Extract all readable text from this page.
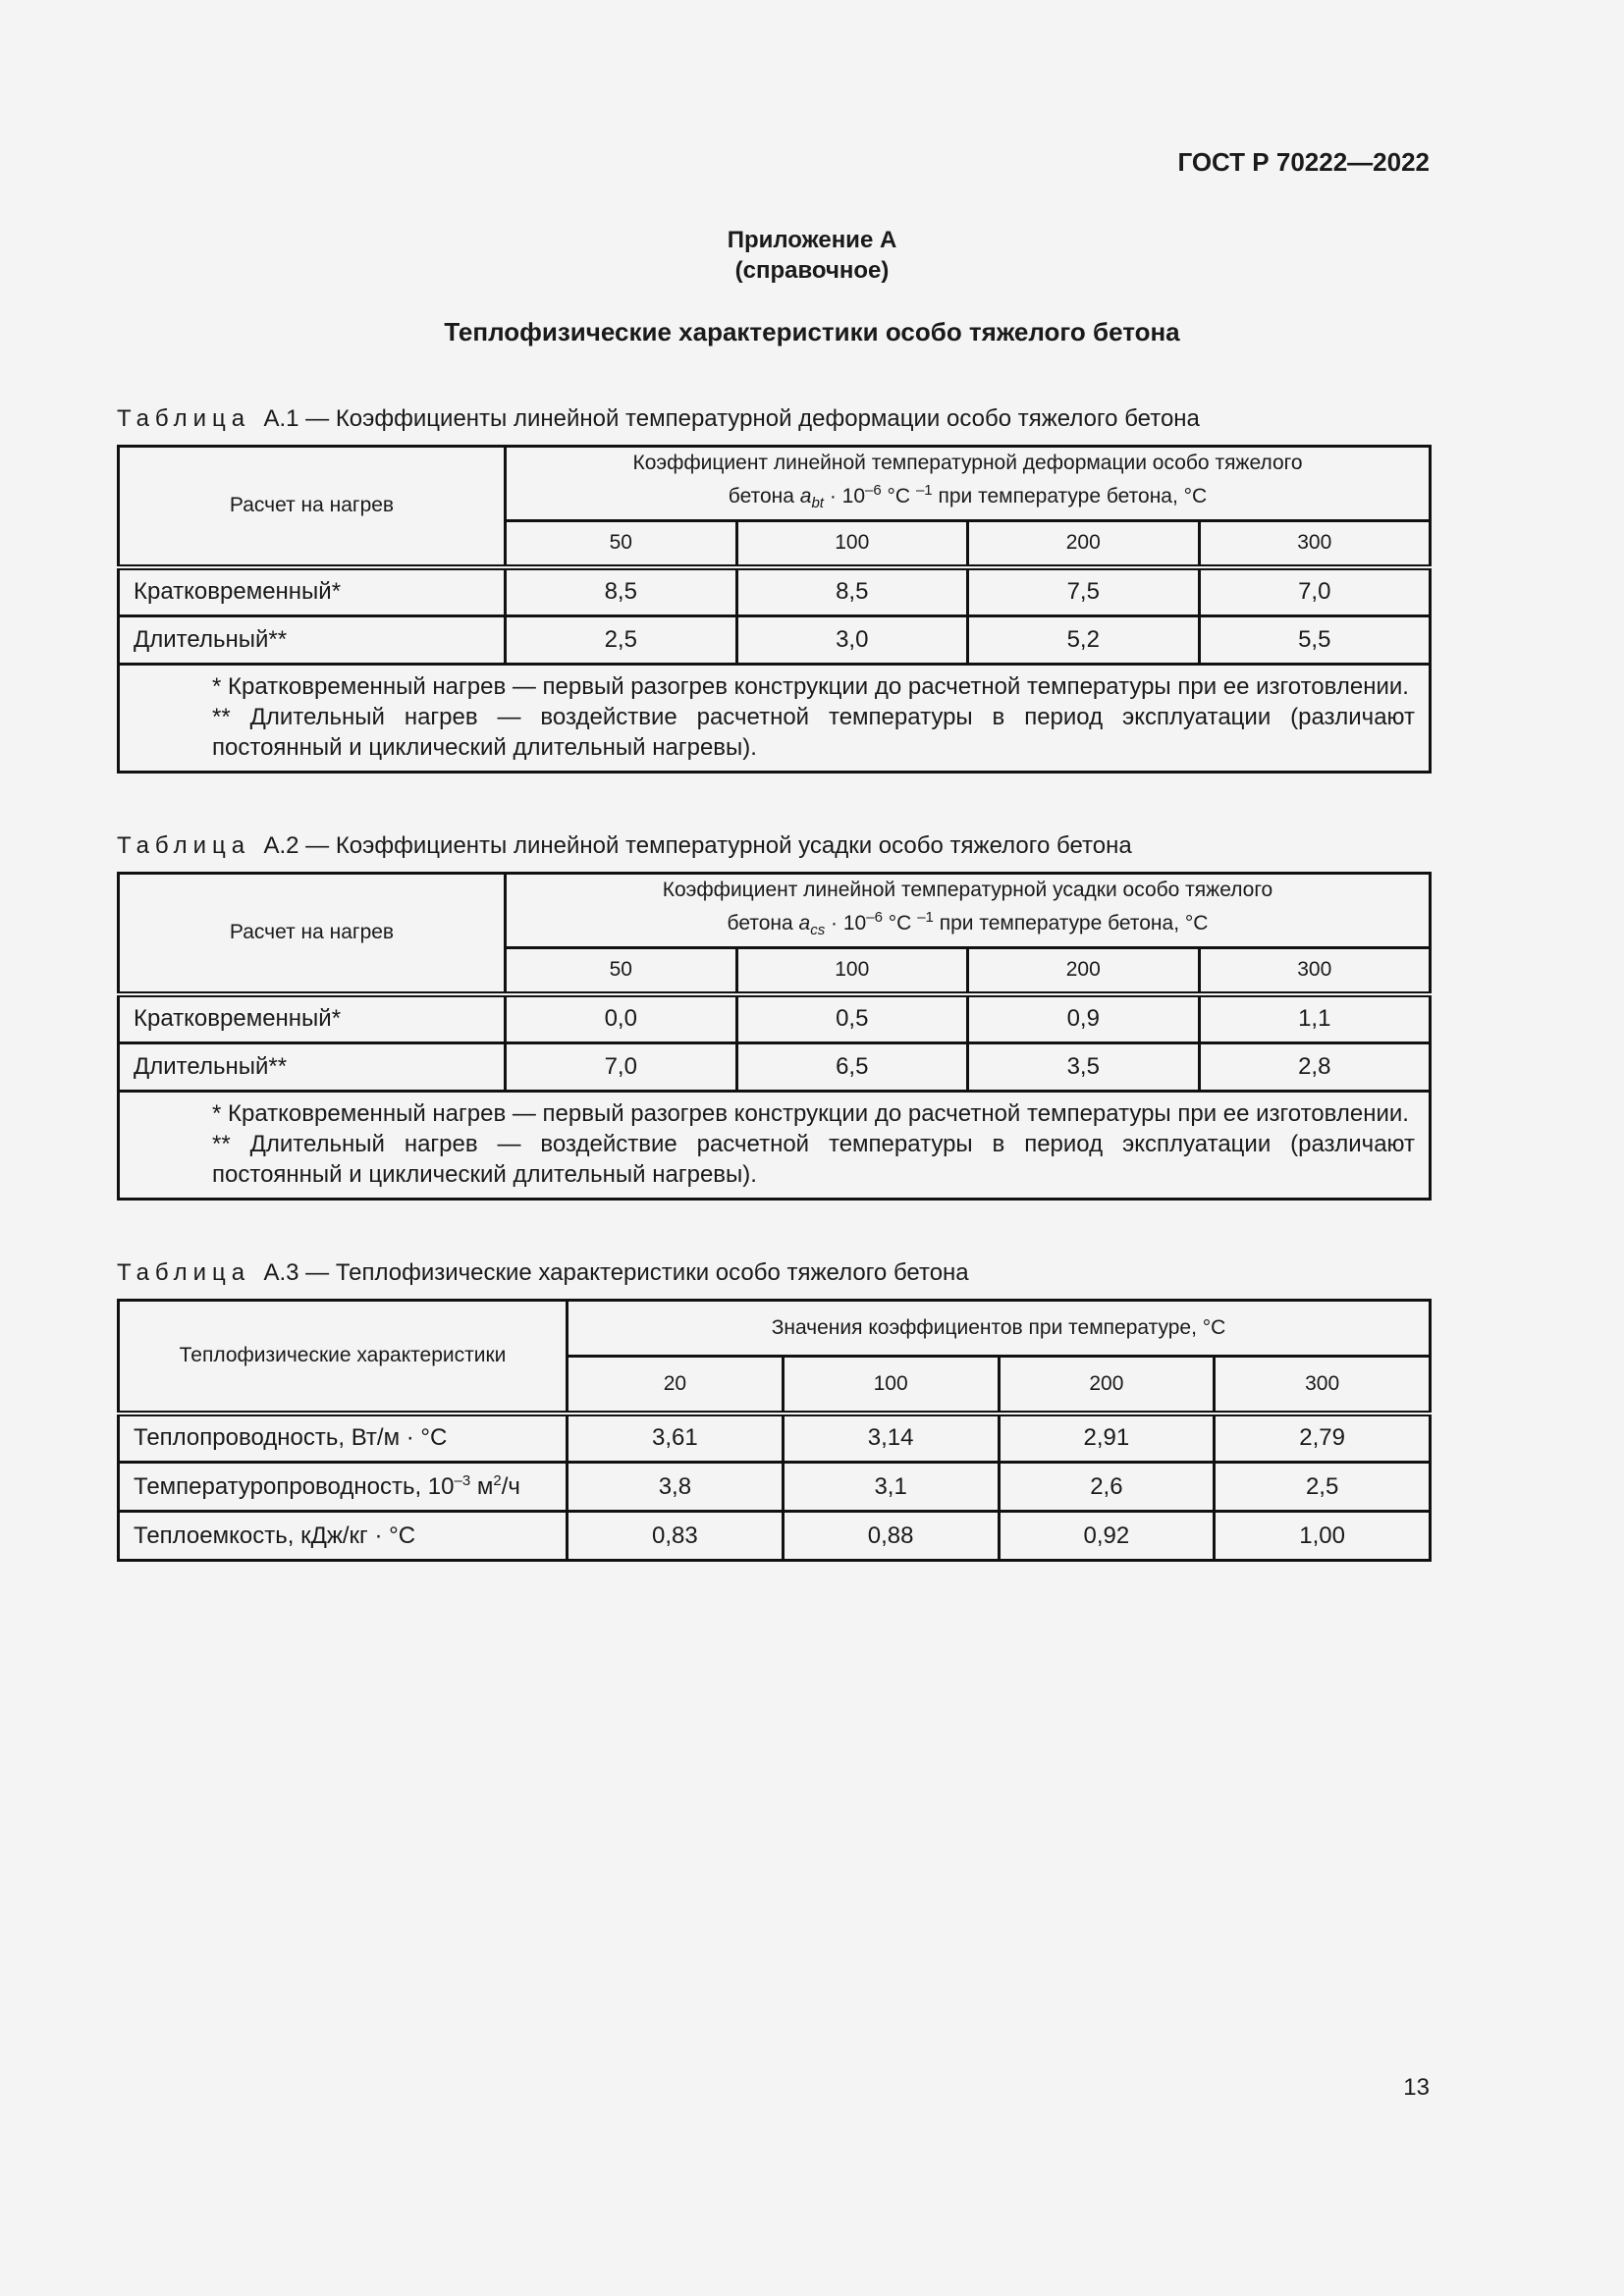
ГОСТ Р 70222—2022
Приложение А
(справочное)
Теплофизические характеристики особо тяжелого бетона
Таблица А.1 — Коэффициенты линейной температурной деформации особо тяжелого бетона
Расчет на нагрев	Коэффициент линейной температурной деформации особо тяжелого
бетона $a_{bt} \cdot 10^{-6}$ °C $^{-1}$ при температуре бетона, °С			
	50	100	200	300
Кратковременный*	8,5	8,5	7,5	7,0
Длительный**	2,5	3,0	5,2	5,5

* Кратковременный нагрев — первый разогрев конструкции до расчетной температуры при ее изготовлении.
** Длительный нагрев — воздействие расчетной температуры в период эксплуатации (различают постоянный и циклический длительный нагревы).				
Таблица А.2 — Коэффициенты линейной температурной усадки особо тяжелого бетона
Расчет на нагрев	Коэффициент линейной температурной усадки особо тяжелого
бетона $a_{cs} \cdot 10^{-6}$ °C $^{-1}$ при температуре бетона, °С			
	50	100	200	300
Кратковременный*	0,0	0,5	0,9	1,1
Длительный**	7,0	6,5	3,5	2,8

* Кратковременный нагрев — первый разогрев конструкции до расчетной температуры при ее изготовлении.
** Длительный нагрев — воздействие расчетной температуры в период эксплуатации (различают постоянный и циклический длительный нагревы).				
Таблица А.3 — Теплофизические характеристики особо тяжелого бетона
Теплофизические характеристики	Значения коэффициентов при температуре, °С			
	20	100	200	300
Теплопроводность, Вт/м · °С	3,61	3,14	2,91	2,79
Температуропроводность, $10^{-3}$ $м^2/ч$	3,8	3,1	2,6	2,5
Теплоемкость, кДж/кг · °С	0,83	0,88	0,92	1,00
13
